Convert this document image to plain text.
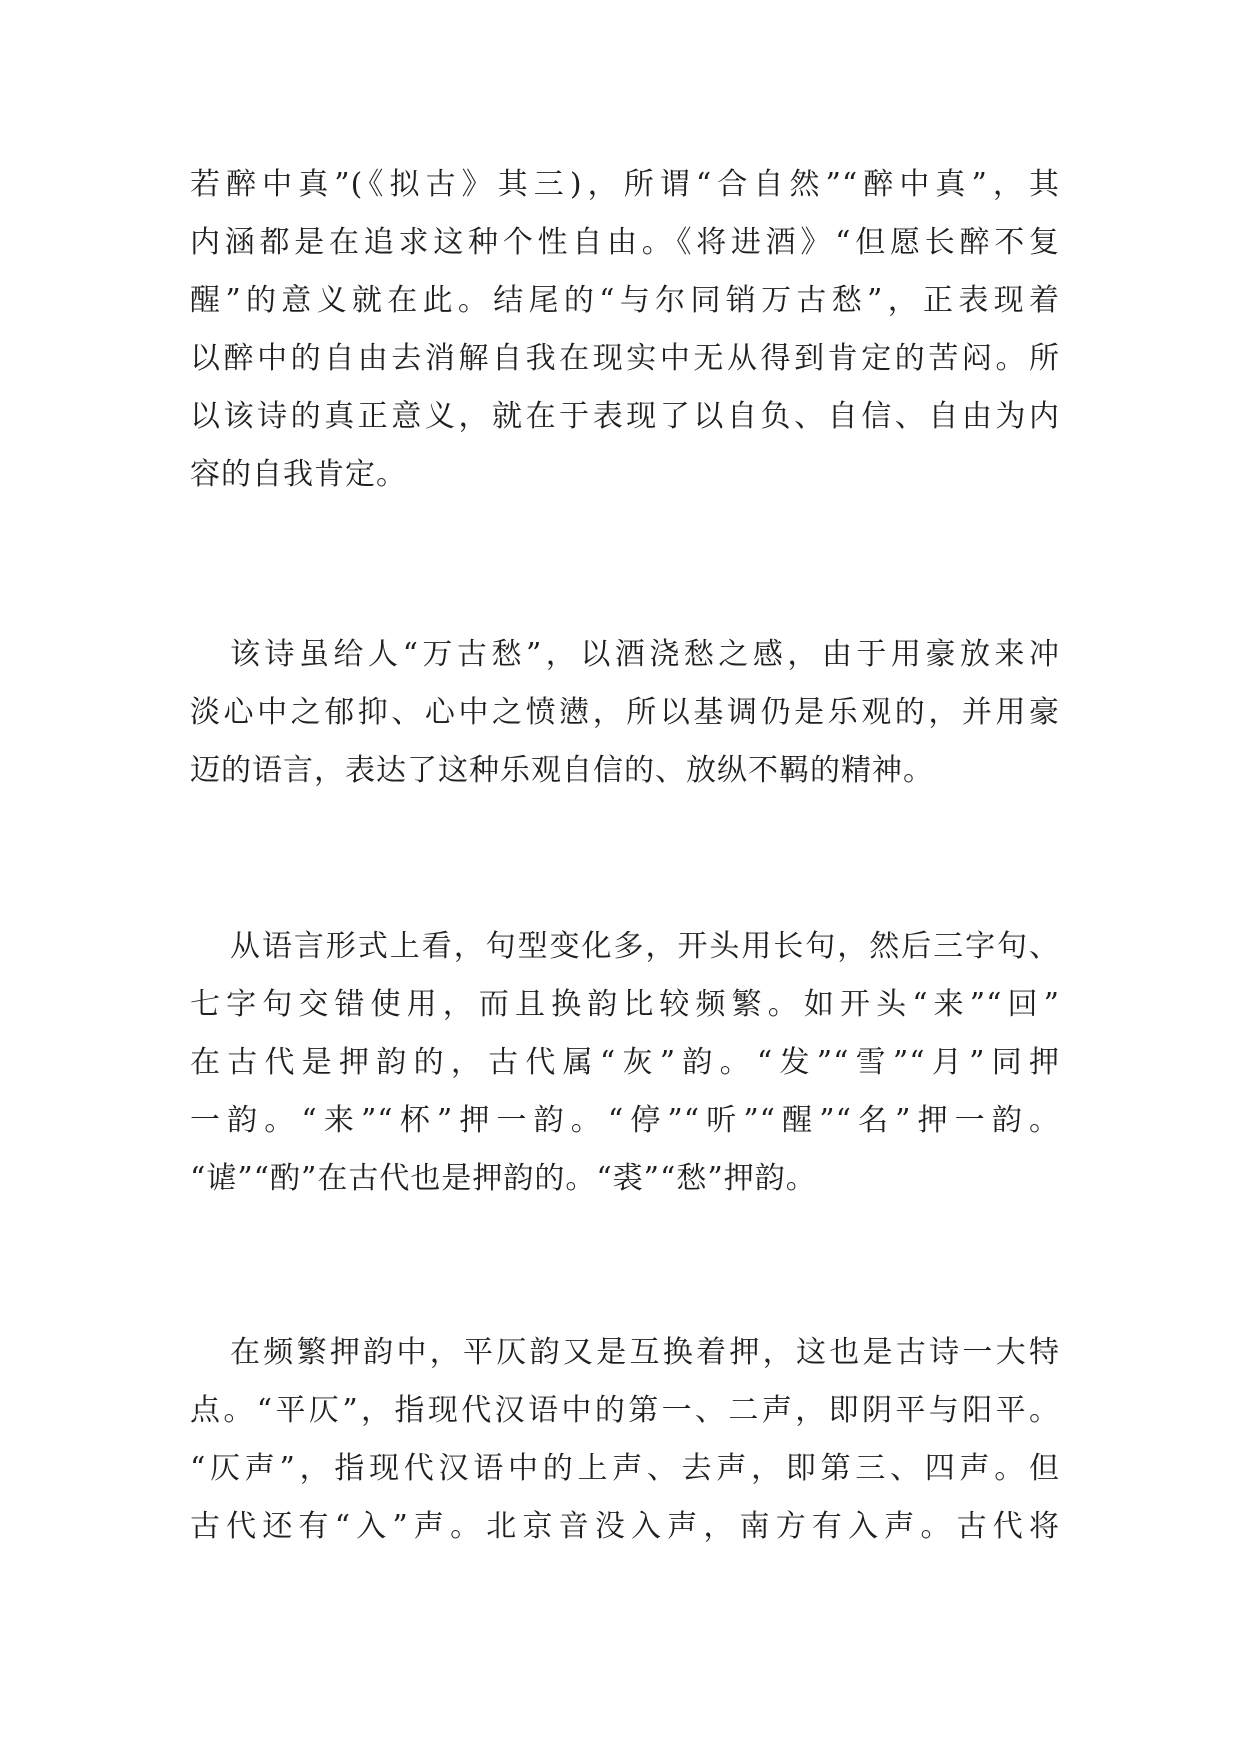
若醉中真”(《拟古》其三)，所谓“合自然”“醉中真”，其
内涵都是在追求这种个性自由。《将进酒》“但愿长醉不复
醒”的意义就在此。结尾的“与尔同销万古愁”，正表现着
以醉中的自由去消解自我在现实中无从得到肯定的苦闷。所
以该诗的真正意义，就在于表现了以自负、自信、自由为内
容的自我肯定。
该诗虽给人“万古愁”，以酒浇愁之感，由于用豪放来冲
淡心中之郁抑、心中之愤懑，所以基调仍是乐观的，并用豪
迈的语言，表达了这种乐观自信的、放纵不羁的精神。
从语言形式上看，句型变化多，开头用长句，然后三字句、
七字句交错使用，而且换韵比较频繁。如开头“来”“回”
在古代是押韵的，古代属“灰”韵。“发”“雪”“月”同押
一韵。“来”“杯”押一韵。“停”“听”“醒”“名”押一韵。
“谑”“酌”在古代也是押韵的。“裘”“愁”押韵。
在频繁押韵中，平仄韵又是互换着押，这也是古诗一大特
点。“平仄”，指现代汉语中的第一、二声，即阴平与阳平。
“仄声”，指现代汉语中的上声、去声，即第三、四声。但
古代还有“入”声。北京音没入声，南方有入声。古代将
